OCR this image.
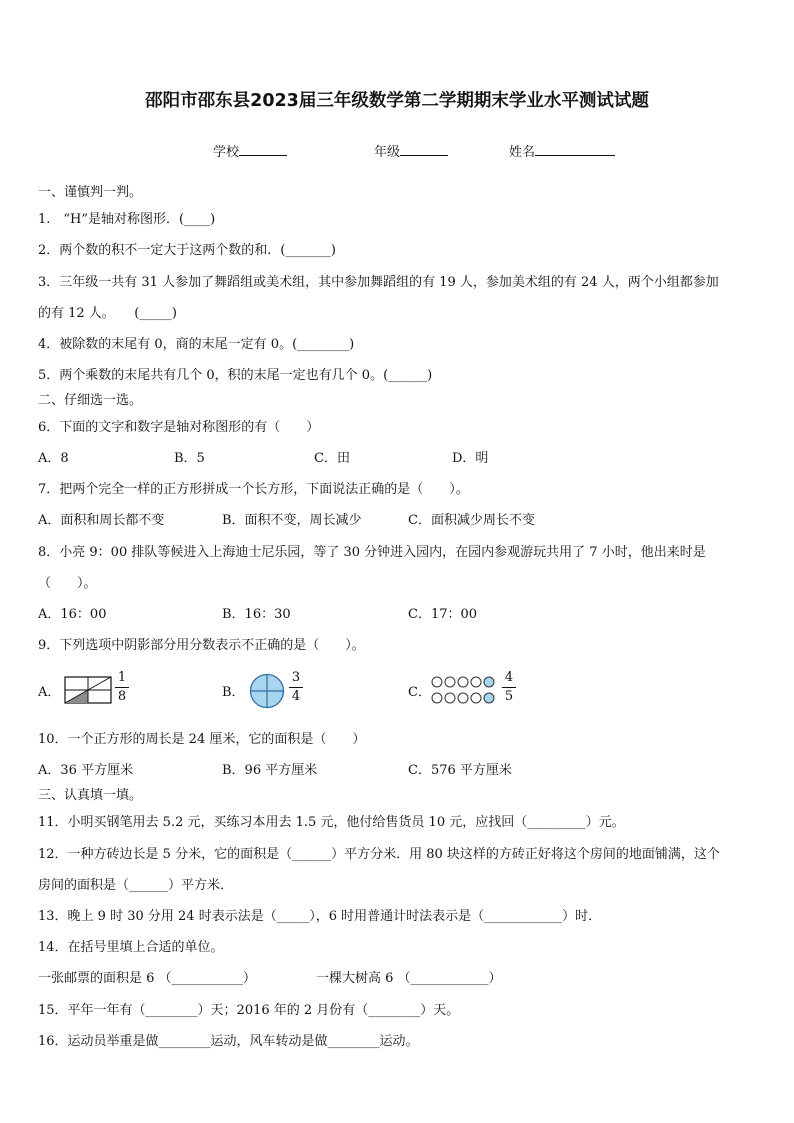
邵阳市邵东县2023届三年级数学第二学期期末学业水平测试试题
学校	年级	姓名
一、谨慎判一判。
1.　“H”是轴对称图形．(____)
2．两个数的积不一定大于这两个数的和．(_______)
3．三年级一共有 31 人参加了舞蹈组或美术组，其中参加舞蹈组的有 19 人，参加美术组的有 24 人，两个小组都参加
的有 12 人。　　(_____)
4．被除数的末尾有 0，商的末尾一定有 0。(________)
5．两个乘数的末尾共有几个 0，积的末尾一定也有几个 0。(______)
二、仔细选一选。
6．下面的文字和数字是轴对称图形的有（　　）
A．8	B．5	C．田	D．明
7．把两个完全一样的正方形拼成一个长方形，下面说法正确的是（　　）。
A．面积和周长都不变	B．面积不变，周长减少	C．面积减少周长不变
8．小亮 9：00 排队等候进入上海迪士尼乐园，等了 30 分钟进入园内，在园内参观游玩共用了 7 小时，他出来时是
（　　）。
A．16：00	B．16：30	C．17：00
9．下列选项中阴影部分用分数表示不正确的是（　　）。
A．
1
8	B．
3
4	C．
4
5
10．一个正方形的周长是 24 厘米，它的面积是（　　）
A．36 平方厘米	B．96 平方厘米	C．576 平方厘米
三、认真填一填。
11．小明买钢笔用去 5.2 元，买练习本用去 1.5 元，他付给售货员 10 元，应找回（_________）元。
12．一种方砖边长是 5 分米，它的面积是（______）平方分米．用 80 块这样的方砖正好将这个房间的地面铺满，这个
房间的面积是（______）平方米．
13．晚上 9 时 30 分用 24 时表示法是（_____），6 时用普通计时法表示是（____________）时．
14．在括号里填上合适的单位。
一张邮票的面积是 6 （___________）	一棵大树高 6 （____________）
15．平年一年有（________）天；2016 年的 2 月份有（________）天。
16．运动员举重是做________运动，风车转动是做________运动。
